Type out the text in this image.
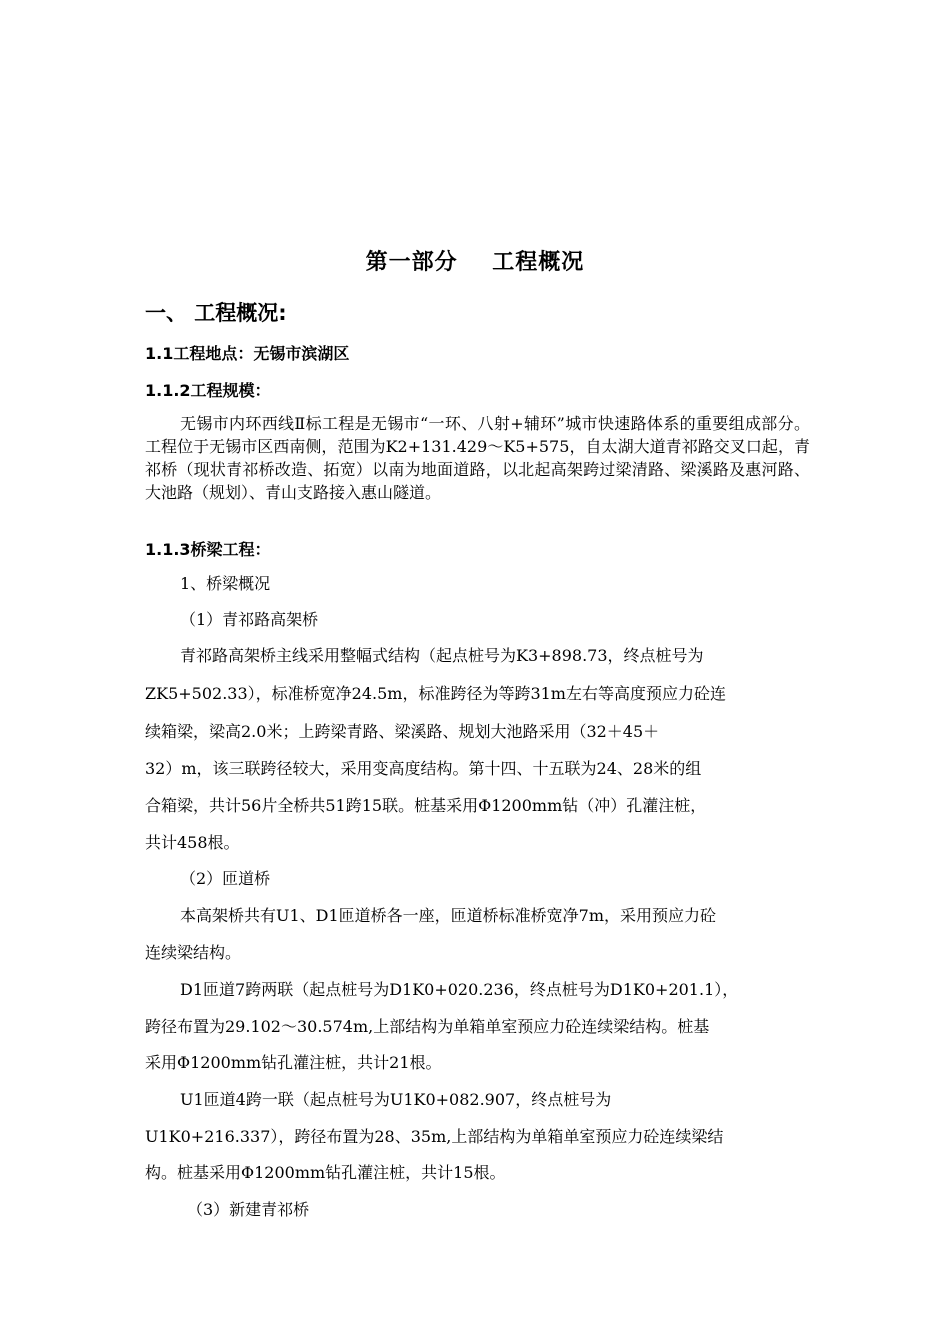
第一部分    工程概况
一、 工程概况:
1.1工程地点：无锡市滨湖区
1.1.2工程规模：
无锡市内环西线Ⅱ标工程是无锡市“一环、八射+辅环”城市快速路体系的重要组成部分。工程位于无锡市区西南侧，范围为K2+131.429～K5+575，自太湖大道青祁路交叉口起，青祁桥（现状青祁桥改造、拓宽）以南为地面道路，以北起高架跨过梁清路、梁溪路及惠河路、大池路（规划）、青山支路接入惠山隧道。
1.1.3桥梁工程：
1、桥梁概况
（1）青祁路高架桥
青祁路高架桥主线采用整幅式结构（起点桩号为K3+898.73，终点桩号为
ZK5+502.33），标准桥宽净24.5m，标准跨径为等跨31m左右等高度预应力砼连
续箱梁，梁高2.0米；上跨梁青路、梁溪路、规划大池路采用（32＋45＋
32）m，该三联跨径较大，采用变高度结构。第十四、十五联为24、28米的组
合箱梁，共计56片全桥共51跨15联。桩基采用Φ1200mm钻（冲）孔灌注桩，
共计458根。
（2）匝道桥
本高架桥共有U1、D1匝道桥各一座，匝道桥标准桥宽净7m，采用预应力砼
连续梁结构。
D1匝道7跨两联（起点桩号为D1K0+020.236，终点桩号为D1K0+201.1），
跨径布置为29.102～30.574m,上部结构为单箱单室预应力砼连续梁结构。桩基
采用Φ1200mm钻孔灌注桩，共计21根。
U1匝道4跨一联（起点桩号为U1K0+082.907，终点桩号为
U1K0+216.337），跨径布置为28、35m,上部结构为单箱单室预应力砼连续梁结
构。桩基采用Φ1200mm钻孔灌注桩，共计15根。
（3）新建青祁桥
